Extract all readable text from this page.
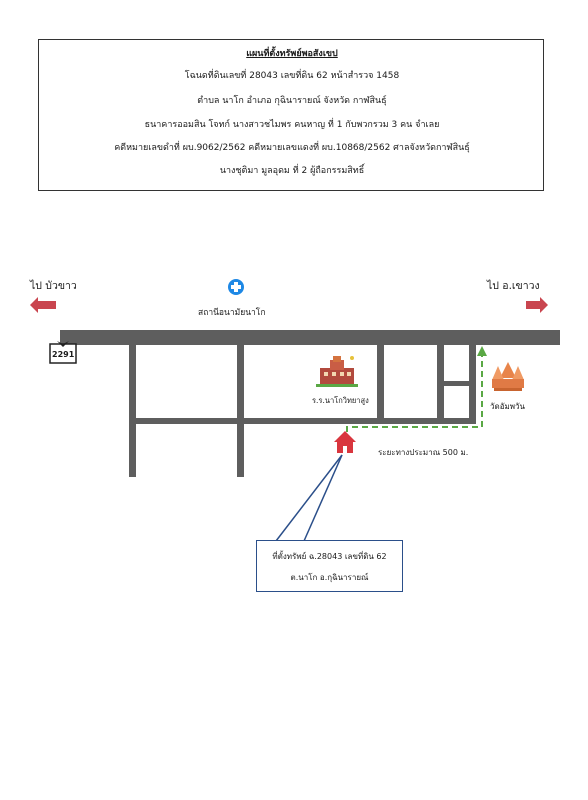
แผนที่ตั้งทรัพย์พอสังเขป
โฉนดที่ดินเลขที่ 28043 เลขที่ดิน 62 หน้าสำรวจ 1458
ตำบล นาโก อำเภอ กุฉินารายณ์ จังหวัด กาฬสินธุ์
ธนาคารออมสิน โจทก์ นางสาวชไมพร คนหาญ ที่ 1 กับพวกรวม 3 คน จำเลย
คดีหมายเลขดำที่ ผบ.9062/2562 คดีหมายเลขแดงที่ ผบ.10868/2562 ศาลจังหวัดกาฬสินธุ์
นางชุติมา มูลอุดม ที่ 2 ผู้ถือกรรมสิทธิ์
ไป บัวขาว	ไป อ.เขาวง
2291
สถานีอนามัยนาโก
ร.ร.นาโกวิทยาสูง
วัดอัมพวัน
ระยะทางประมาณ 500 ม.
ที่ตั้งทรัพย์ ฉ.28043 เลขที่ดิน 62
ต.นาโก อ.กุฉินารายณ์
